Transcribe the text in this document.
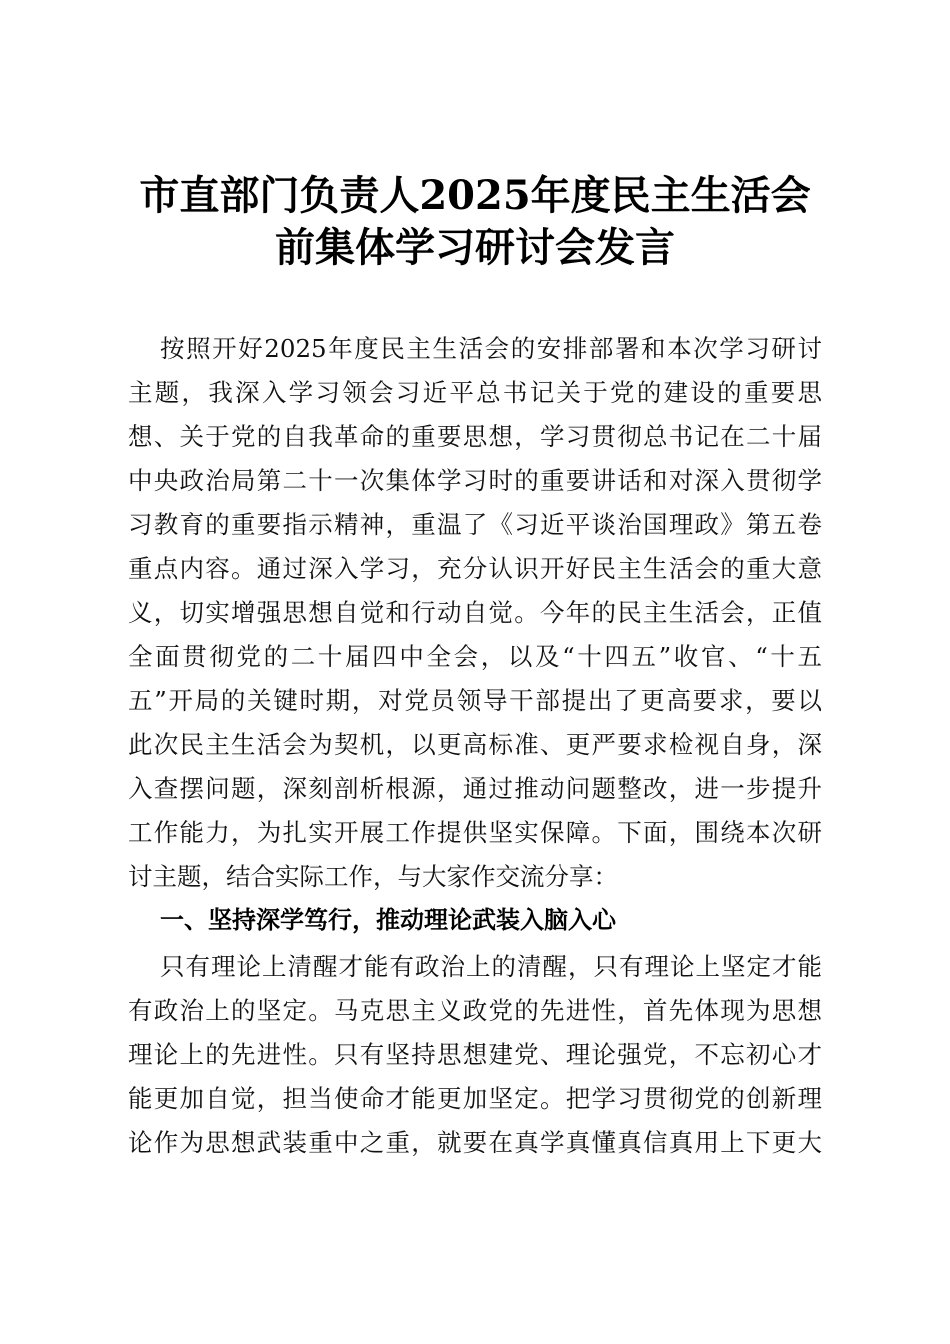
市直部门负责人2025年度民主生活会
前集体学习研讨会发言
按照开好2025年度民主生活会的安排部署和本次学习研讨
主题，我深入学习领会习近平总书记关于党的建设的重要思
想、关于党的自我革命的重要思想，学习贯彻总书记在二十届
中央政治局第二十一次集体学习时的重要讲话和对深入贯彻学
习教育的重要指示精神，重温了《习近平谈治国理政》第五卷
重点内容。通过深入学习，充分认识开好民主生活会的重大意
义，切实增强思想自觉和行动自觉。今年的民主生活会，正值
全面贯彻党的二十届四中全会，以及“十四五”收官、“十五
五”开局的关键时期，对党员领导干部提出了更高要求，要以
此次民主生活会为契机，以更高标准、更严要求检视自身，深
入查摆问题，深刻剖析根源，通过推动问题整改，进一步提升
工作能力，为扎实开展工作提供坚实保障。下面，围绕本次研
讨主题，结合实际工作，与大家作交流分享：
一、坚持深学笃行，推动理论武装入脑入心
只有理论上清醒才能有政治上的清醒，只有理论上坚定才能
有政治上的坚定。马克思主义政党的先进性，首先体现为思想
理论上的先进性。只有坚持思想建党、理论强党，不忘初心才
能更加自觉，担当使命才能更加坚定。把学习贯彻党的创新理
论作为思想武装重中之重，就要在真学真懂真信真用上下更大
